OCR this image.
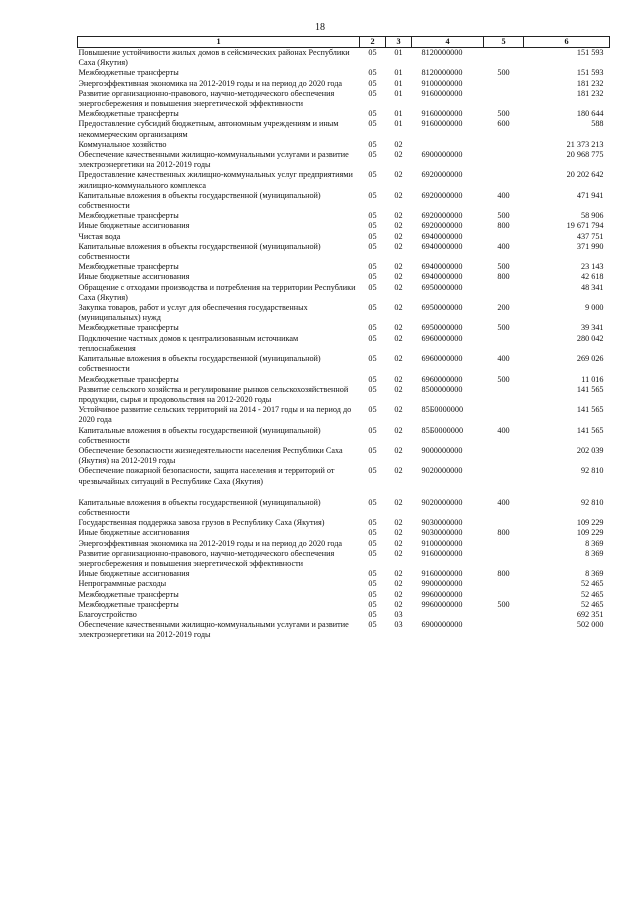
18
1	2	3	4	5	6
Повышение устойчивости жилых домов в сейсмических районах Республики Саха (Якутия)	05	01	8120000000		151 593
Межбюджетные трансферты	05	01	8120000000	500	151 593
Энергоэффективная экономика на 2012-2019 годы и на период до 2020 года	05	01	9100000000		181 232
Развитие организационно-правового, научно-методического обеспечения энергосбережения и повышения энергетической эффективности	05	01	9160000000		181 232
Межбюджетные трансферты	05	01	9160000000	500	180 644
Предоставление субсидий бюджетным, автономным учреждениям и иным некоммерческим организациям	05	01	9160000000	600	588
Коммунальное хозяйство	05	02			21 373 213
Обеспечение качественными жилищно-коммунальными услугами и развитие электроэнергетики на 2012-2019 годы	05	02	6900000000		20 968 775
Предоставление качественных жилищно-коммунальных услуг предприятиями жилищно-коммунального комплекса	05	02	6920000000		20 202 642
Капитальные вложения в объекты государственной (муниципальной) собственности	05	02	6920000000	400	471 941
Межбюджетные трансферты	05	02	6920000000	500	58 906
Иные бюджетные ассигнования	05	02	6920000000	800	19 671 794
Чистая вода	05	02	6940000000		437 751
Капитальные вложения в объекты государственной (муниципальной) собственности	05	02	6940000000	400	371 990
Межбюджетные трансферты	05	02	6940000000	500	23 143
Иные бюджетные ассигнования	05	02	6940000000	800	42 618
Обращение с отходами производства и потребления на территории Республики Саха (Якутия)	05	02	6950000000		48 341
Закупка товаров, работ и услуг для обеспечения государственных (муниципальных) нужд	05	02	6950000000	200	9 000
Межбюджетные трансферты	05	02	6950000000	500	39 341
Подключение частных домов к централизованным источникам теплоснабжения	05	02	6960000000		280 042
Капитальные вложения в объекты государственной (муниципальной) собственности	05	02	6960000000	400	269 026
Межбюджетные трансферты	05	02	6960000000	500	11 016
Развитие сельского хозяйства и регулирование рынков сельскохозяйственной продукции, сырья и продовольствия на 2012-2020 годы	05	02	8500000000		141 565
Устойчивое развитие сельских территорий на 2014 - 2017 годы и на период до 2020 года	05	02	85Б0000000		141 565
Капитальные вложения в объекты государственной (муниципальной) собственности	05	02	85Б0000000	400	141 565
Обеспечение безопасности жизнедеятельности населения Республики Саха (Якутия) на 2012-2019 годы	05	02	9000000000		202 039
Обеспечение пожарной безопасности, защита населения и территорий от чрезвычайных ситуаций в Республике Саха (Якутия)	05	02	9020000000		92 810
Капитальные вложения в объекты государственной (муниципальной) собственности	05	02	9020000000	400	92 810
Государственная поддержка завоза грузов в Республику Саха (Якутия)	05	02	9030000000		109 229
Иные бюджетные ассигнования	05	02	9030000000	800	109 229
Энергоэффективная экономика на 2012-2019 годы и на период до 2020 года	05	02	9100000000		8 369
Развитие организационно-правового, научно-методического обеспечения энергосбережения и повышения энергетической эффективности	05	02	9160000000		8 369
Иные бюджетные ассигнования	05	02	9160000000	800	8 369
Непрограммные расходы	05	02	9900000000		52 465
Межбюджетные трансферты	05	02	9960000000		52 465
Межбюджетные трансферты	05	02	9960000000	500	52 465
Благоустройство	05	03			692 351
Обеспечение качественными жилищно-коммунальными услугами и развитие электроэнергетики на 2012-2019 годы	05	03	6900000000		502 000
